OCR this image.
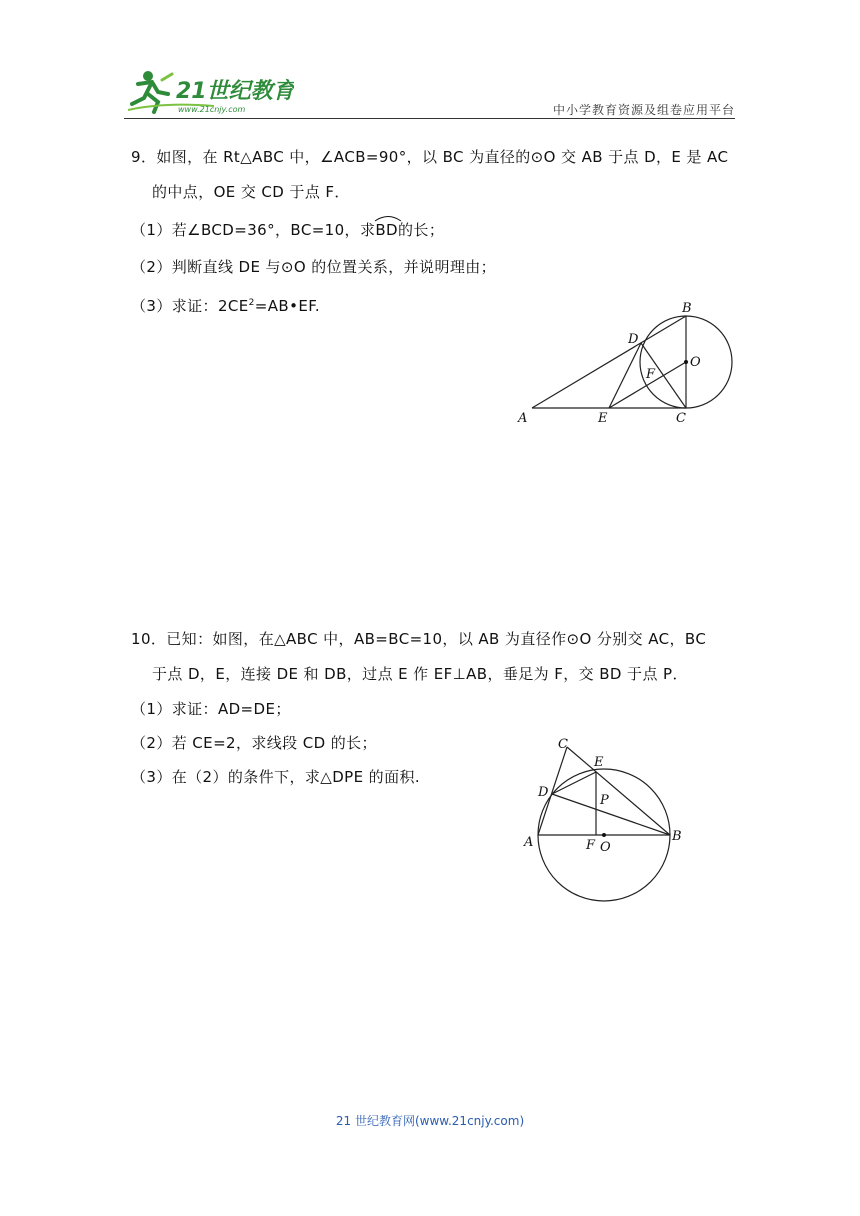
21世纪教育
www.21cnjy.com	中小学教育资源及组卷应用平台
9．如图，在 Rt△ABC 中，∠ACB=90°，以 BC 为直径的⊙O 交 AB 于点 D，E 是 AC
的中点，OE 交 CD 于点 F．
（1）若∠BCD=36°，BC=10，求
BD的长；
（2）判断直线 DE 与⊙O 的位置关系，并说明理由；
（3）求证：$2CE^2=AB•EF$.
A
B
C
D
E
F
O
10．已知：如图，在△ABC 中，AB=BC=10，以 AB 为直径作⊙O 分别交 AC，BC
于点 D，E，连接 DE 和 DB，过点 E 作 EF⊥AB，垂足为 F，交 BD 于点 P．
（1）求证：AD=DE；
（2）若 CE=2，求线段 CD 的长；
（3）在（2）的条件下，求△DPE 的面积.
A	B
C
D
E
F
P
O
21 世纪教育网(www.21cnjy.com)
